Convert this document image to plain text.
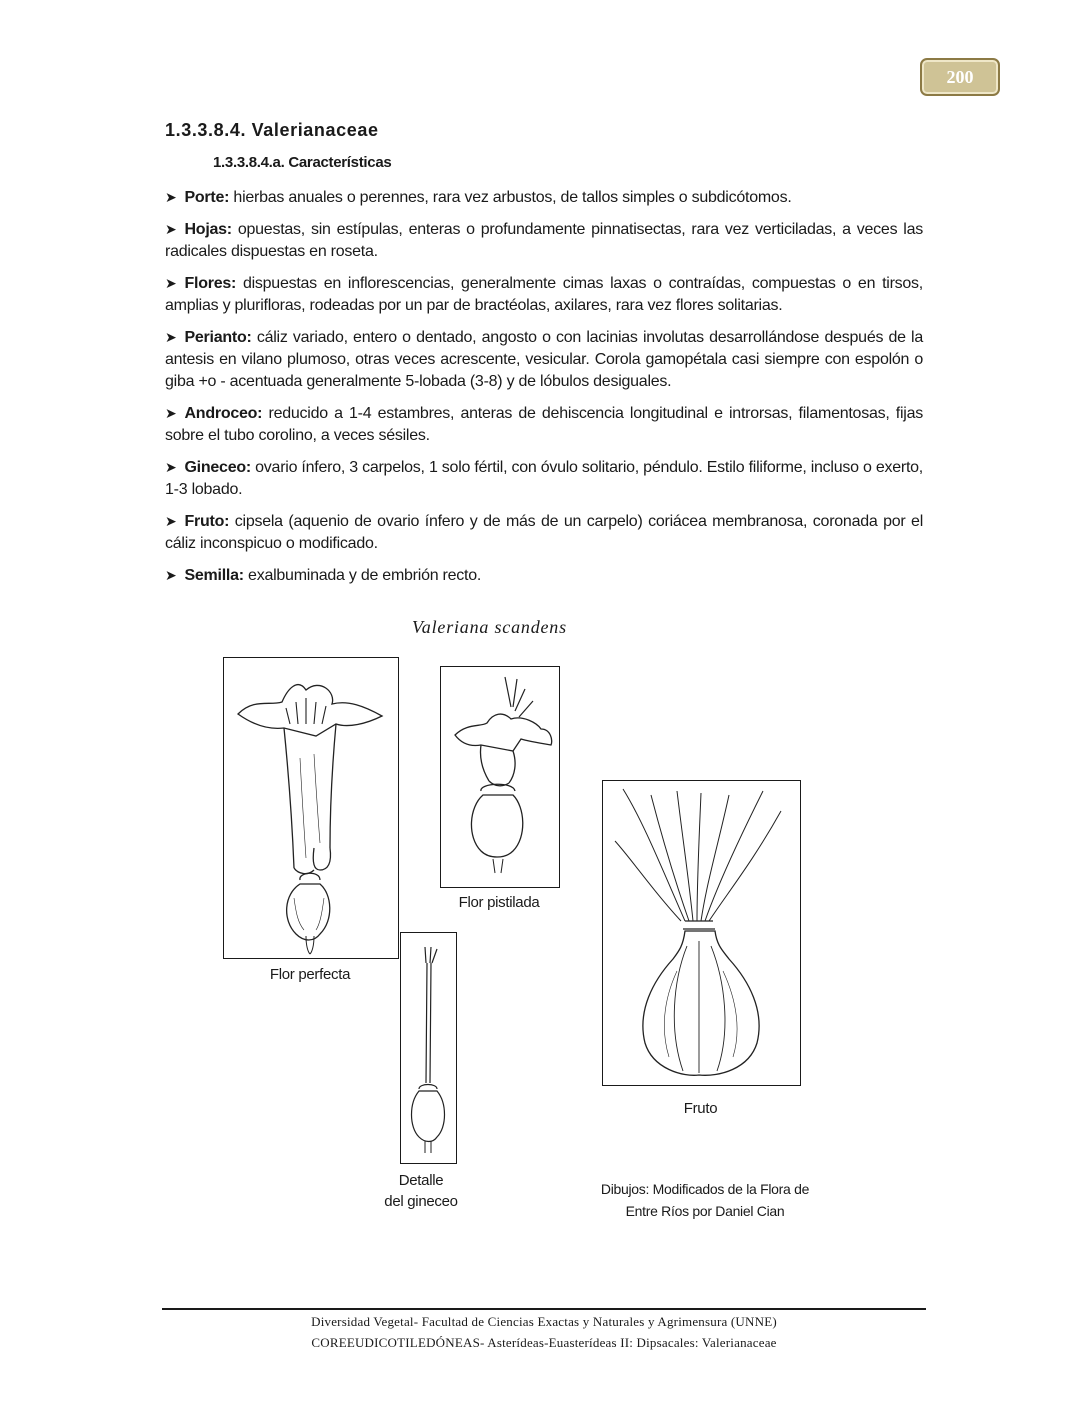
200
1.3.3.8.4. Valerianaceae
1.3.3.8.4.a. Características

➤ Porte: hierbas anuales o perennes, rara vez arbustos, de tallos simples o subdicótomos.

➤ Hojas: opuestas, sin estípulas, enteras o profundamente pinnatisectas, rara vez verticiladas, a veces las radicales dispuestas en roseta.

➤ Flores: dispuestas en inflorescencias, generalmente cimas laxas o contraídas, compuestas o en tirsos, amplias y plurifloras, rodeadas por un par de bractéolas, axilares, rara vez flores solitarias.

➤ Perianto: cáliz variado, entero o dentado, angosto o con lacinias involutas desarrollándose después de la antesis en vilano plumoso, otras veces acrescente, vesicular. Corola gamopétala casi siempre con espolón o giba +o - acentuada generalmente 5-lobada (3-8) y de lóbulos desiguales.

➤ Androceo: reducido a 1-4 estambres, anteras de dehiscencia longitudinal e introrsas, filamentosas, fijas sobre el tubo corolino, a veces sésiles.

➤ Gineceo: ovario ínfero, 3 carpelos, 1 solo fértil, con óvulo solitario, péndulo. Estilo filiforme, incluso o exerto, 1-3 lobado.

➤ Fruto: cipsela (aquenio de ovario ínfero y de más de un carpelo) coriácea membranosa, coronada por el cáliz inconspicuo o modificado.

➤ Semilla: exalbuminada y de embrión recto.

Valeriana scandens
Flor perfecta
Flor pistilada
Detalle
del gineceo
Fruto
Dibujos: Modificados de la Flora de
Entre Ríos por Daniel Cian
Diversidad Vegetal- Facultad de Ciencias Exactas y Naturales y Agrimensura (UNNE)
COREEUDICOTILEDÓNEAS- Asterídeas-Euasterídeas II: Dipsacales: Valerianaceae
